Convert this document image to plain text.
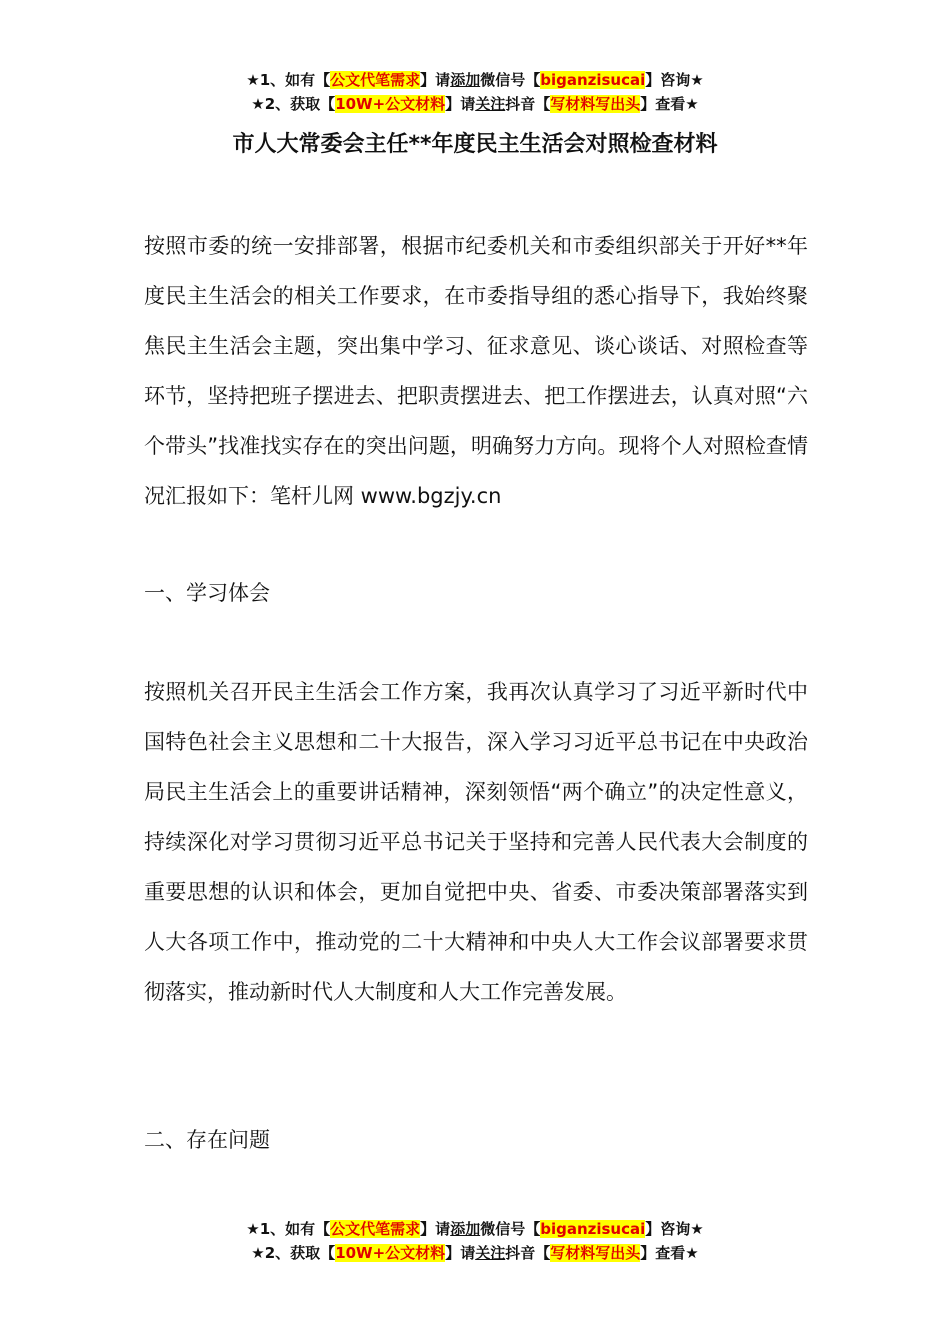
★1、如有【公文代笔需求】请添加微信号【biganzisucai】咨询★
★2、获取【10W+公文材料】请关注抖音【写材料写出头】查看★
市人大常委会主任**年度民主生活会对照检查材料

按照市委的统一安排部署，根据市纪委机关和市委组织部关于开好**年度民主生活会的相关工作要求，在市委指导组的悉心指导下，我始终聚焦民主生活会主题，突出集中学习、征求意见、谈心谈话、对照检查等环节，坚持把班子摆进去、把职责摆进去、把工作摆进去，认真对照“六个带头”找准找实存在的突出问题，明确努力方向。现将个人对照检查情况汇报如下：笔杆儿网 www.bgzjy.cn

一、学习体会

按照机关召开民主生活会工作方案，我再次认真学习了习近平新时代中国特色社会主义思想和二十大报告，深入学习习近平总书记在中央政治局民主生活会上的重要讲话精神，深刻领悟“两个确立”的决定性意义，持续深化对学习贯彻习近平总书记关于坚持和完善人民代表大会制度的重要思想的认识和体会，更加自觉把中央、省委、市委决策部署落实到人大各项工作中，推动党的二十大精神和中央人大工作会议部署要求贯彻落实，推动新时代人大制度和人大工作完善发展。

二、存在问题

★1、如有【公文代笔需求】请添加微信号【biganzisucai】咨询★
★2、获取【10W+公文材料】请关注抖音【写材料写出头】查看★
